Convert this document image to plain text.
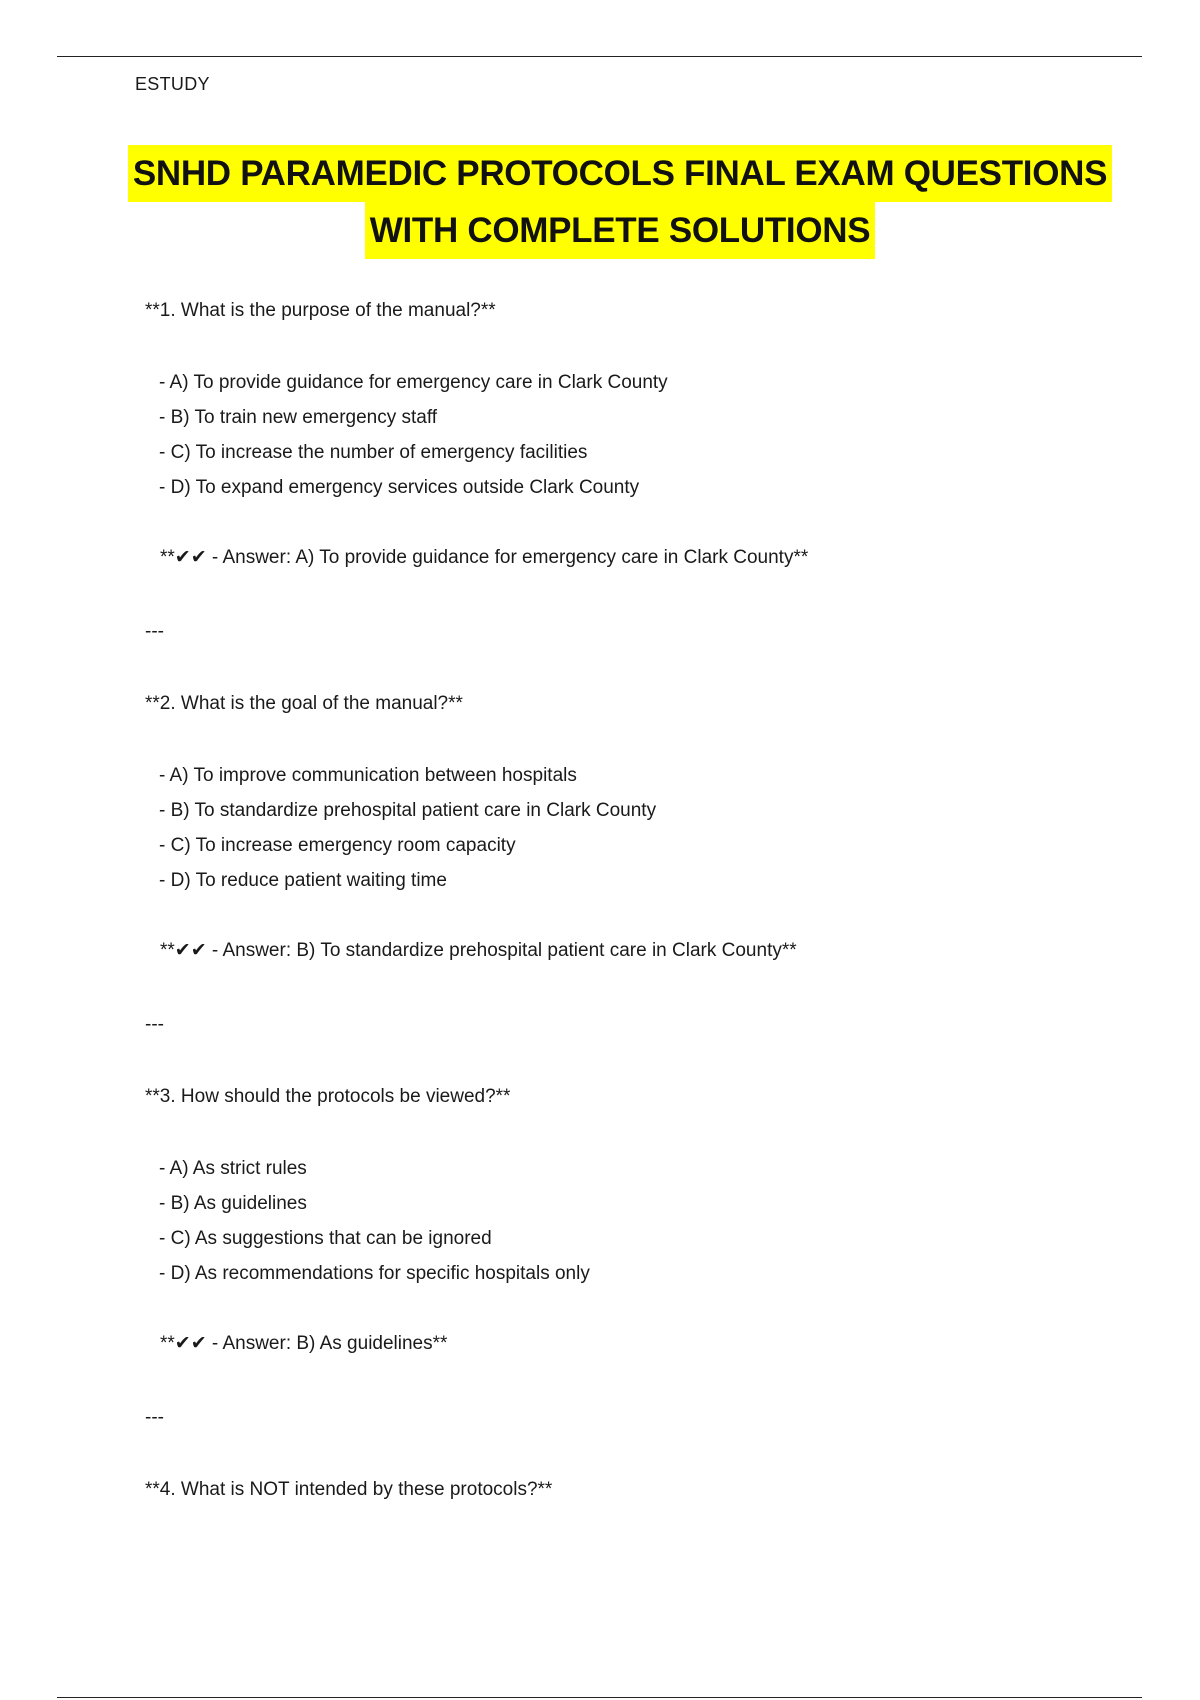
ESTUDY
SNHD PARAMEDIC PROTOCOLS FINAL EXAM QUESTIONS
WITH COMPLETE SOLUTIONS
**1. What is the purpose of the manual?**
- A) To provide guidance for emergency care in Clark County
- B) To train new emergency staff
- C) To increase the number of emergency facilities
- D) To expand emergency services outside Clark County
**✔✔ - Answer: A) To provide guidance for emergency care in Clark County**
---
**2. What is the goal of the manual?**
- A) To improve communication between hospitals
- B) To standardize prehospital patient care in Clark County
- C) To increase emergency room capacity
- D) To reduce patient waiting time
**✔✔ - Answer: B) To standardize prehospital patient care in Clark County**
---
**3. How should the protocols be viewed?**
- A) As strict rules
- B) As guidelines
- C) As suggestions that can be ignored
- D) As recommendations for specific hospitals only
**✔✔ - Answer: B) As guidelines**
---
**4. What is NOT intended by these protocols?**
